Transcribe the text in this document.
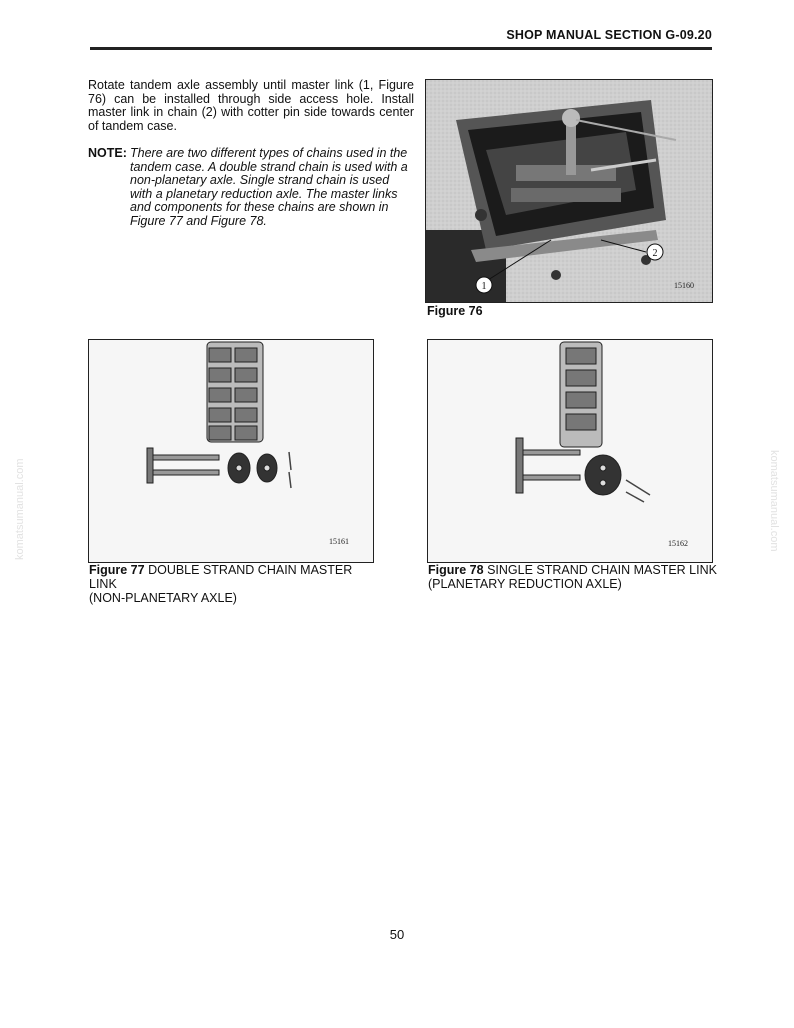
SHOP MANUAL SECTION G-09.20
Rotate tandem axle assembly until master link (1, Figure 76) can be installed through side access hole. Install master link in chain (2) with cotter pin side towards center of tandem case.
NOTE: There are two different types of chains used in the tandem case. A double strand chain is used with a non-planetary axle. Single strand chain is used with a planetary reduction axle. The master links and components for these chains are shown in Figure 77 and Figure 78.
1
2
15160
Figure 76
15161
Figure 77 DOUBLE STRAND CHAIN MASTER LINK
(NON-PLANETARY AXLE)
15162
Figure 78 SINGLE STRAND CHAIN MASTER LINK
(PLANETARY REDUCTION AXLE)
50
komatsumanual.com	komatsumanual.com
